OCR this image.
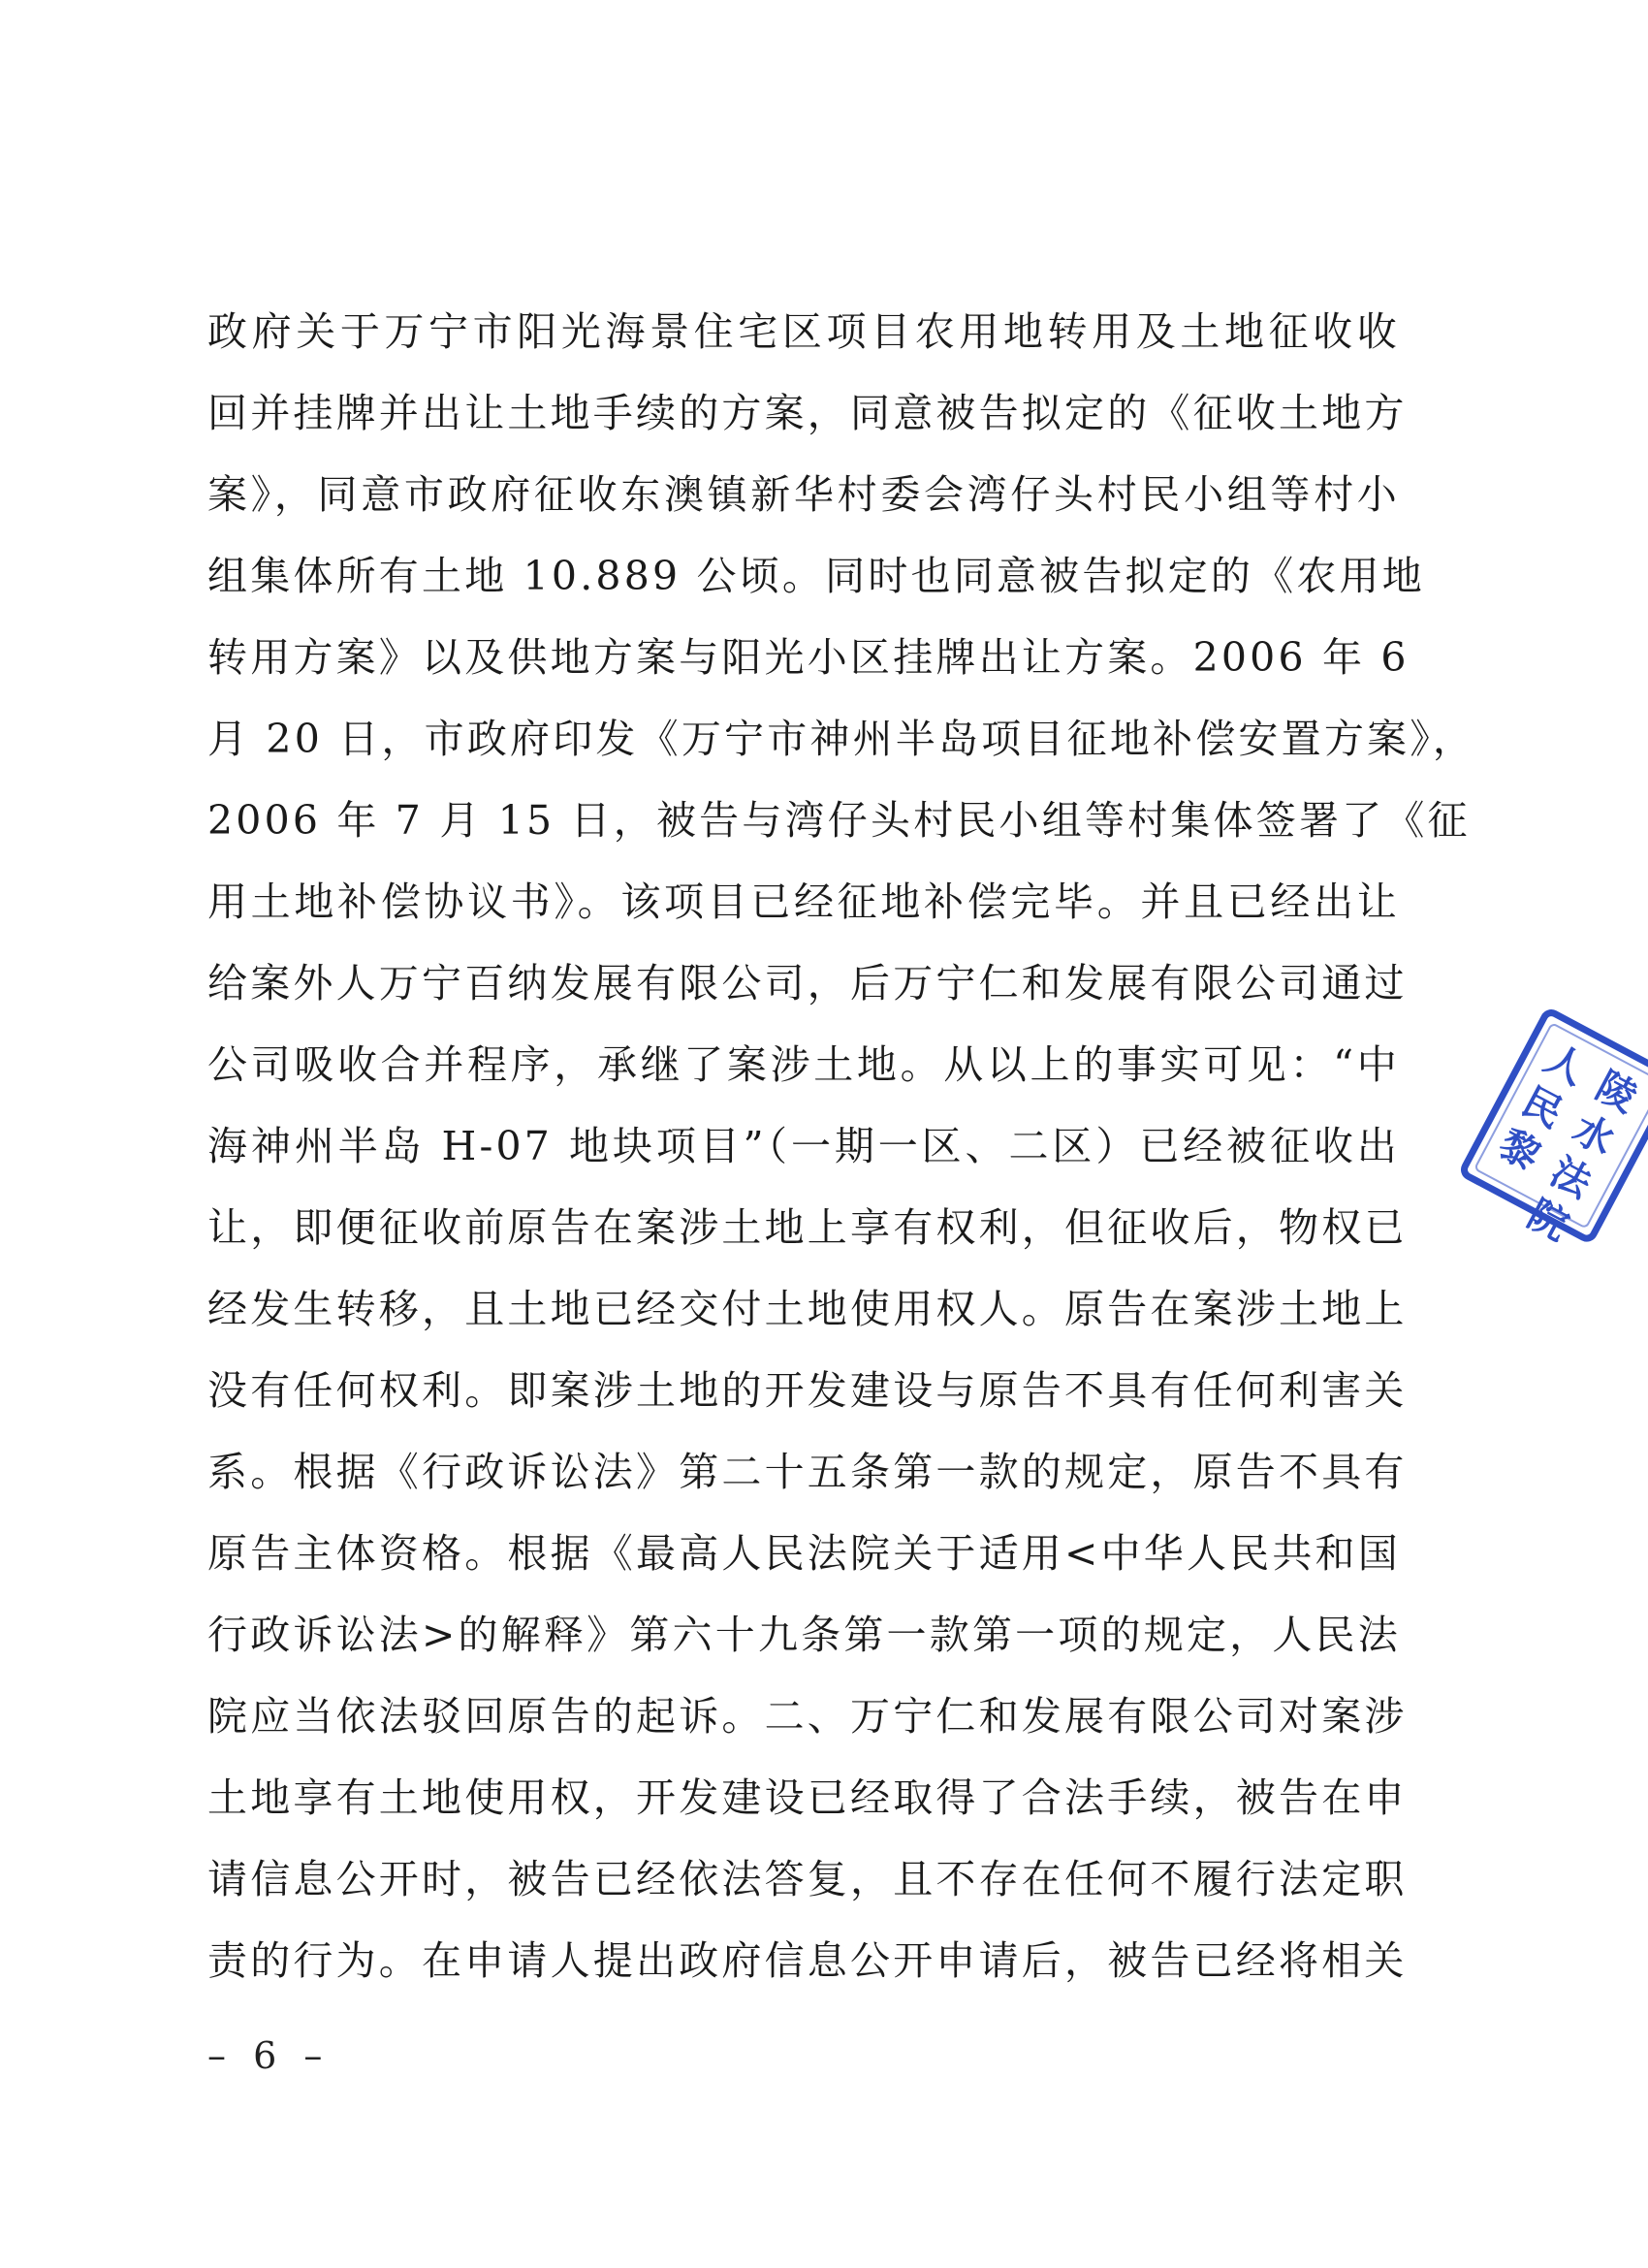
政府关于万宁市阳光海景住宅区项目农用地转用及土地征收收
回并挂牌并出让土地手续的方案，同意被告拟定的《征收土地方
案》，同意市政府征收东澳镇新华村委会湾仔头村民小组等村小
组集体所有土地 10.889 公顷。同时也同意被告拟定的《农用地
转用方案》以及供地方案与阳光小区挂牌出让方案。2006 年 6
月 20 日，市政府印发《万宁市神州半岛项目征地补偿安置方案》，
2006 年 7 月 15 日，被告与湾仔头村民小组等村集体签署了《征
用土地补偿协议书》。该项目已经征地补偿完毕。并且已经出让
给案外人万宁百纳发展有限公司，后万宁仁和发展有限公司通过
公司吸收合并程序，承继了案涉土地。从以上的事实可见：“中
海神州半岛 H-07 地块项目”（一期一区、二区）已经被征收出
让，即便征收前原告在案涉土地上享有权利，但征收后，物权已
经发生转移，且土地已经交付土地使用权人。原告在案涉土地上
没有任何权利。即案涉土地的开发建设与原告不具有任何利害关
系。根据《行政诉讼法》第二十五条第一款的规定，原告不具有
原告主体资格。根据《最高人民法院关于适用<中华人民共和国
行政诉讼法>的解释》第六十九条第一款第一项的规定，人民法
院应当依法驳回原告的起诉。二、万宁仁和发展有限公司对案涉
土地享有土地使用权，开发建设已经取得了合法手续，被告在申
请信息公开时，被告已经依法答复，且不存在任何不履行法定职
责的行为。在申请人提出政府信息公开申请后，被告已经将相关
– 6 –
人
陵
民
水
法
黎
院
